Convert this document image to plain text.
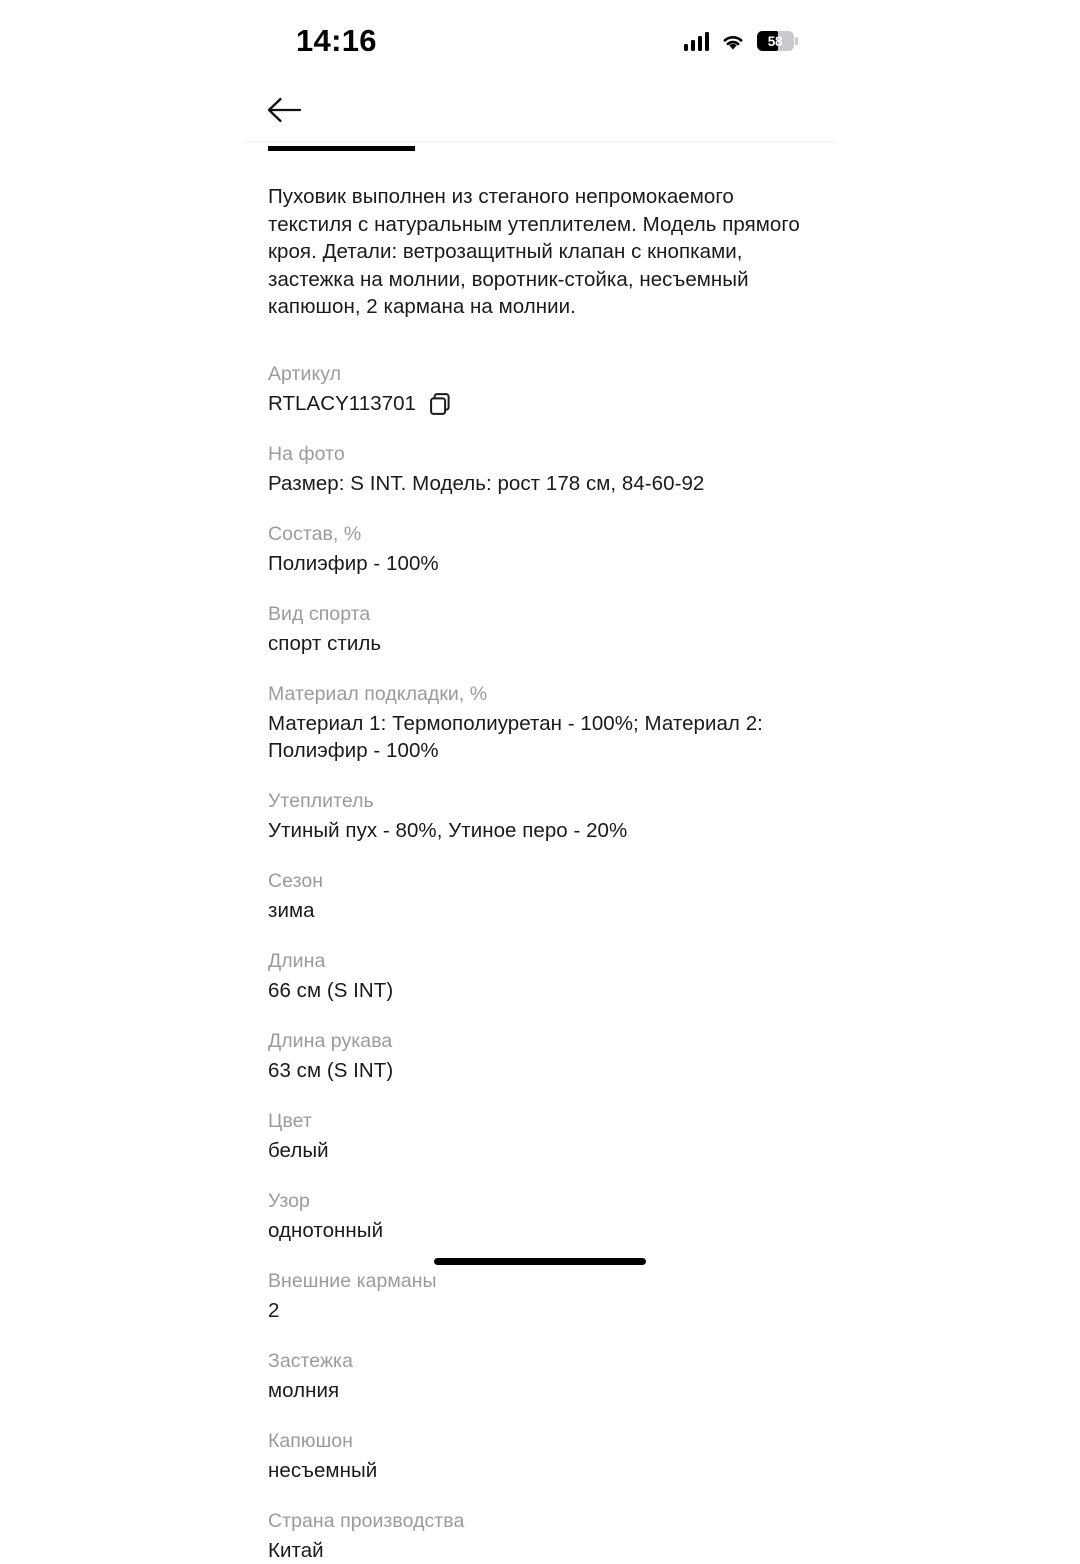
14:16	58
Пуховик выполнен из стеганого непромокаемого текстиля с натуральным утеплителем. Модель прямого кроя. Детали: ветрозащитный клапан с кнопками, застежка на молнии, воротник-стойка, несъемный капюшон, 2 кармана на молнии.
Артикул
RTLACY113701
На фото
Размер: S INT. Модель: рост 178 см, 84-60-92
Состав, %
Полиэфир - 100%
Вид спорта
спорт стиль
Материал подкладки, %
Материал 1: Термополиуретан - 100%; Материал 2: Полиэфир - 100%
Утеплитель
Утиный пух - 80%, Утиное перо - 20%
Сезон
зима
Длина
66 см (S INT)
Длина рукава
63 см (S INT)
Цвет
белый
Узор
однотонный
Внешние карманы
2
Застежка
молния
Капюшон
несъемный
Страна производства
Китай
